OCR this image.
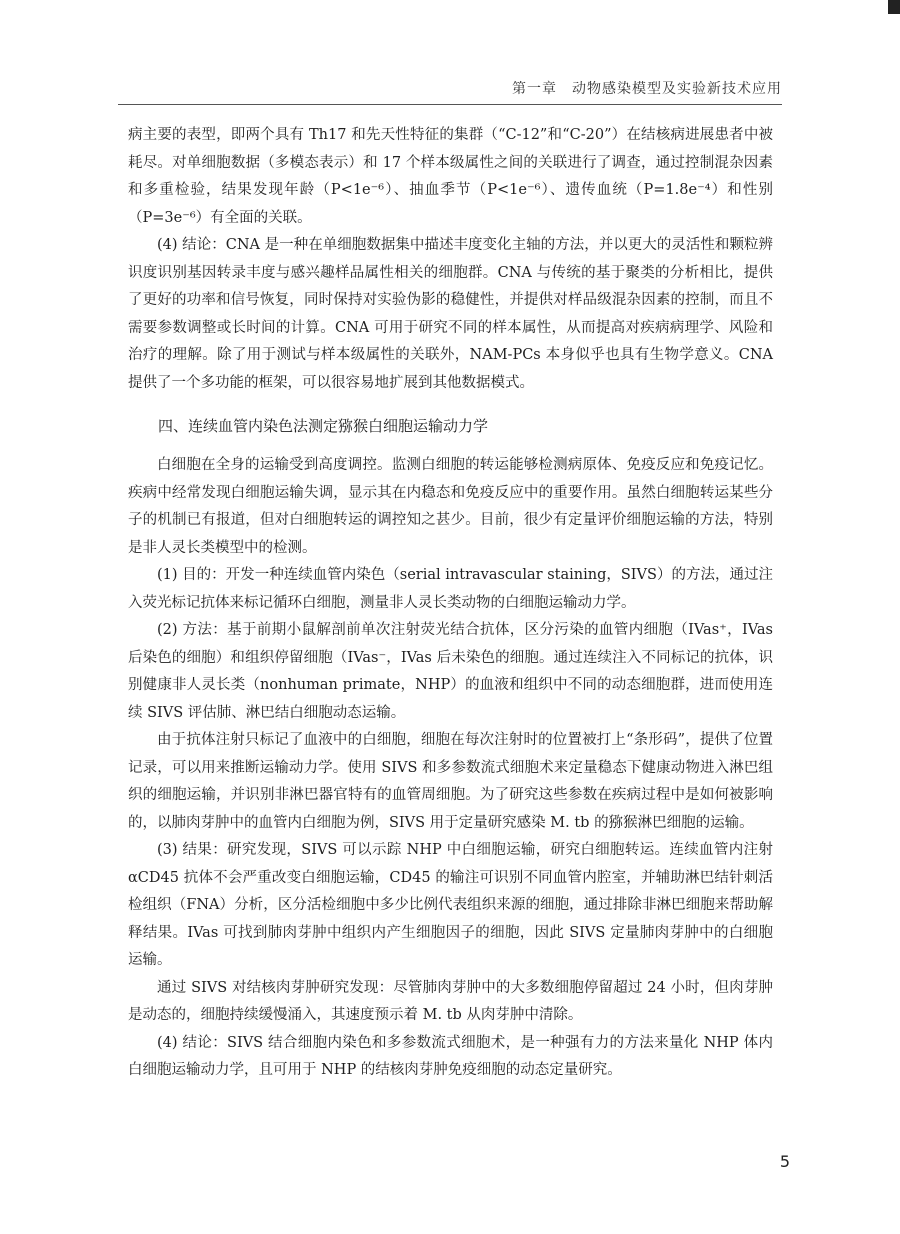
第一章　动物感染模型及实验新技术应用

病主要的表型，即两个具有 Th17 和先天性特征的集群（“C-12”和“C-20”）在结核病进展患者中被耗尽。对单细胞数据（多模态表示）和 17 个样本级属性之间的关联进行了调查，通过控制混杂因素和多重检验，结果发现年龄（P<1e⁻⁶）、抽血季节（P<1e⁻⁶）、遗传血统（P=1.8e⁻⁴）和性别（P=3e⁻⁶）有全面的关联。

(4) 结论：CNA 是一种在单细胞数据集中描述丰度变化主轴的方法，并以更大的灵活性和颗粒辨识度识别基因转录丰度与感兴趣样品属性相关的细胞群。CNA 与传统的基于聚类的分析相比，提供了更好的功率和信号恢复，同时保持对实验伪影的稳健性，并提供对样品级混杂因素的控制，而且不需要参数调整或长时间的计算。CNA 可用于研究不同的样本属性，从而提高对疾病病理学、风险和治疗的理解。除了用于测试与样本级属性的关联外，NAM-PCs 本身似乎也具有生物学意义。CNA 提供了一个多功能的框架，可以很容易地扩展到其他数据模式。

四、连续血管内染色法测定猕猴白细胞运输动力学

白细胞在全身的运输受到高度调控。监测白细胞的转运能够检测病原体、免疫反应和免疫记忆。疾病中经常发现白细胞运输失调，显示其在内稳态和免疫反应中的重要作用。虽然白细胞转运某些分子的机制已有报道，但对白细胞转运的调控知之甚少。目前，很少有定量评价细胞运输的方法，特别是非人灵长类模型中的检测。

(1) 目的：开发一种连续血管内染色（serial intravascular staining，SIVS）的方法，通过注入荧光标记抗体来标记循环白细胞，测量非人灵长类动物的白细胞运输动力学。

(2) 方法：基于前期小鼠解剖前单次注射荧光结合抗体，区分污染的血管内细胞（IVas⁺，IVas 后染色的细胞）和组织停留细胞（IVas⁻，IVas 后未染色的细胞。通过连续注入不同标记的抗体，识别健康非人灵长类（nonhuman primate，NHP）的血液和组织中不同的动态细胞群，进而使用连续 SIVS 评估肺、淋巴结白细胞动态运输。

由于抗体注射只标记了血液中的白细胞，细胞在每次注射时的位置被打上“条形码”，提供了位置记录，可以用来推断运输动力学。使用 SIVS 和多参数流式细胞术来定量稳态下健康动物进入淋巴组织的细胞运输，并识别非淋巴器官特有的血管周细胞。为了研究这些参数在疾病过程中是如何被影响的，以肺肉芽肿中的血管内白细胞为例，SIVS 用于定量研究感染 M. tb 的猕猴淋巴细胞的运输。

(3) 结果：研究发现，SIVS 可以示踪 NHP 中白细胞运输，研究白细胞转运。连续血管内注射 αCD45 抗体不会严重改变白细胞运输，CD45 的输注可识别不同血管内腔室，并辅助淋巴结针刺活检组织（FNA）分析，区分活检细胞中多少比例代表组织来源的细胞，通过排除非淋巴细胞来帮助解释结果。IVas 可找到肺肉芽肿中组织内产生细胞因子的细胞，因此 SIVS 定量肺肉芽肿中的白细胞运输。

通过 SIVS 对结核肉芽肿研究发现：尽管肺肉芽肿中的大多数细胞停留超过 24 小时，但肉芽肿是动态的，细胞持续缓慢涌入，其速度预示着 M. tb 从肉芽肿中清除。

(4) 结论：SIVS 结合细胞内染色和多参数流式细胞术，是一种强有力的方法来量化 NHP 体内白细胞运输动力学，且可用于 NHP 的结核肉芽肿免疫细胞的动态定量研究。

5
